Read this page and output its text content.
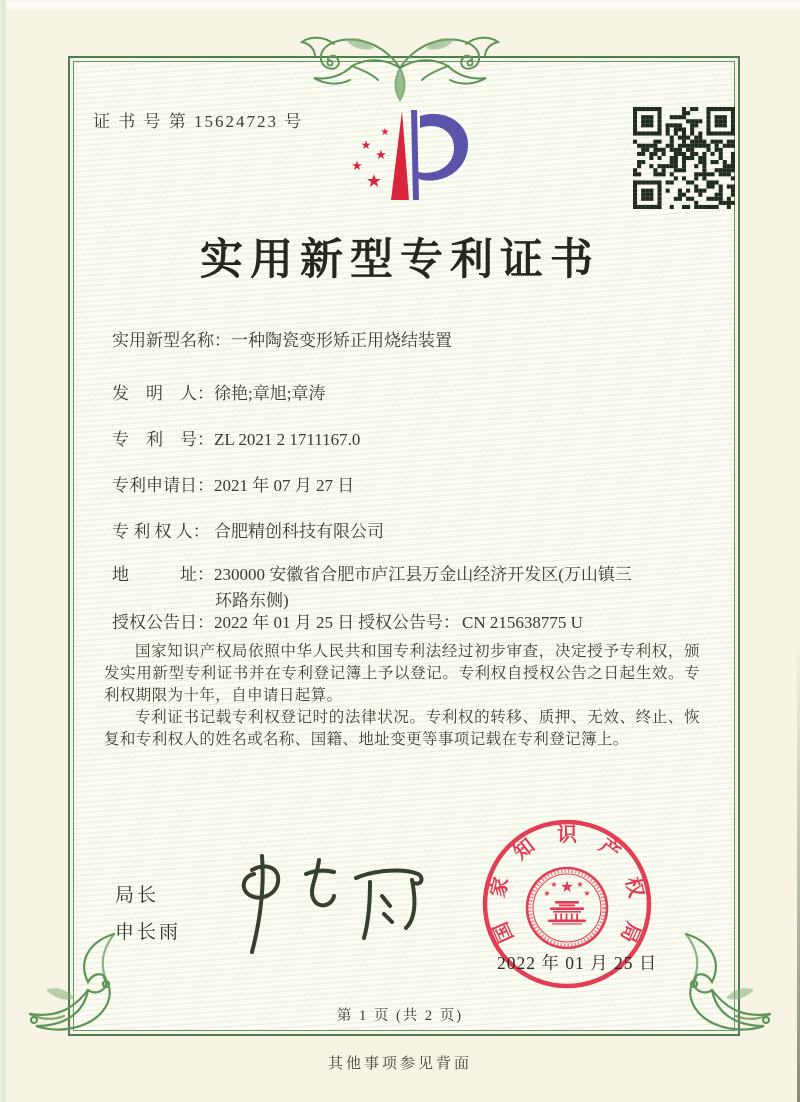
证 书 号 第 15624723 号
★
★
★
★
★
实用新型专利证书
实用新型名称：一种陶瓷变形矫正用烧结装置
发　明　人：徐艳;章旭;章涛
专　利　号：ZL 2021 2 1711167.0
专利申请日：2021 年 07 月 27 日
专 利 权 人： 合肥精创科技有限公司
地　　　址：230000 安徽省合肥市庐江县万金山经济开发区(万山镇三
环路东侧)
授权公告日：2022 年 01 月 25 日 授权公告号： CN 215638775 U

国家知识产权局依照中华人民共和国专利法经过初步审查，决定授予专利权，颁发实用新型专利证书并在专利登记簿上予以登记。专利权自授权公告之日起生效。专利权期限为十年，自申请日起算。

专利证书记载专利权登记时的法律状况。专利权的转移、质押、无效、终止、恢复和专利权人的姓名或名称、国籍、地址变更等事项记载在专利登记簿上。

局长
申长雨	国
家
知 识 产
权
局
★
★ ★
★	★
2022 年 01 月 25 日
第 1 页 (共 2 页)
其他事项参见背面
